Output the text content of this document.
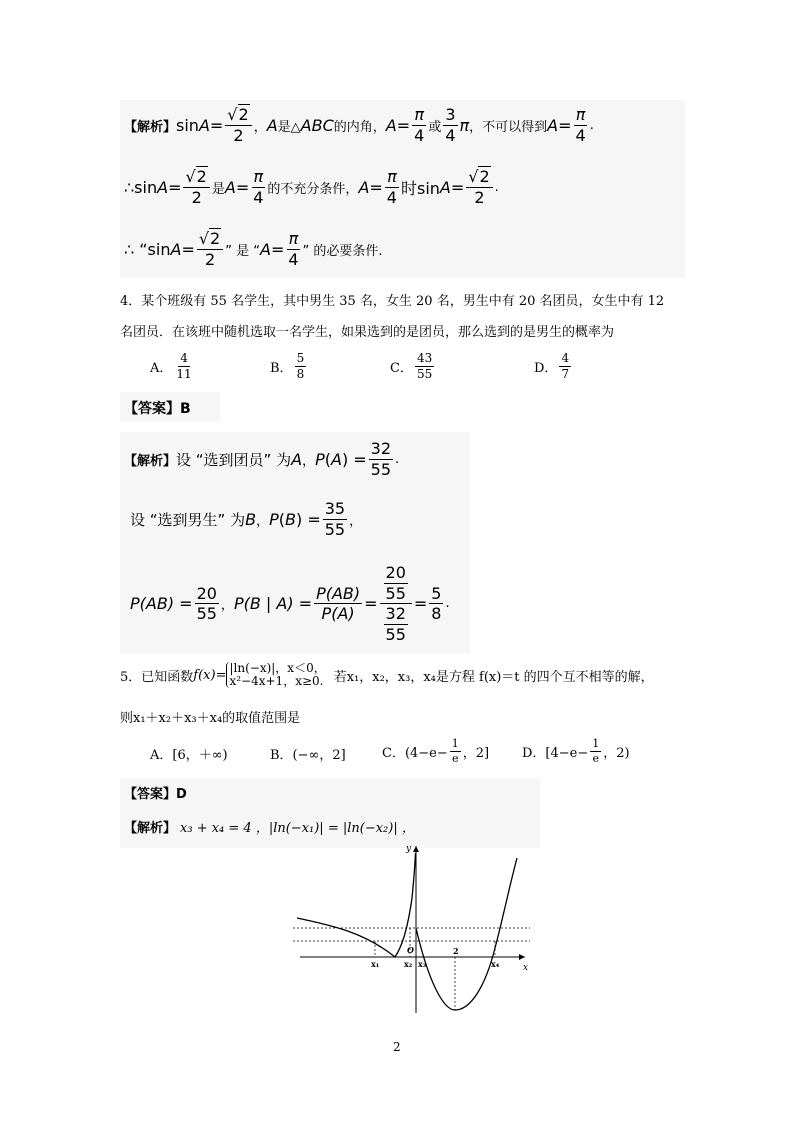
【解析】 $\sin A = \frac{√2}{2}$ ， A 是△ ABC 的内角， $A = \frac{\pi}{4}$ 或 $\frac{3}{4}$ π ，不可以得到 $A = \frac{\pi}{4}$ .
∴sin $A = \frac{√2}{2}$ 是 $A = \frac{\pi}{4}$ 的不充分条件， $A = \frac{\pi}{4}$ 时$\sin A = \frac{√2}{2}$ .
∴ “sin $A = \frac{√2}{2}$ ” 是 “ $A = \frac{\pi}{4}$ ” 的必要条件.
4．某个班级有 55 名学生，其中男生 35 名，女生 20 名，男生中有 20 名团员，女生中有 12
名团员．在该班中随机选取一名学生，如果选到的是团员，那么选到的是男生的概率为
A． $\frac{4}{11}$	B． $\frac{5}{8}$	C． $\frac{43}{55}$	D． $\frac{4}{7}$
【答案】B
【解析】 设 “选到团员” 为 A ， P ( A ) = $\frac{32}{55}$ .
设 “选到男生” 为 B ， P ( B ) = $\frac{35}{55}$ ，
P $(AB) = \frac{20}{55}$ ， P (B | $A) = \frac{P(AB)}{P(A)} = \frac{\frac{20}{55}}{\frac{32}{55}} = \frac{5}{8}$ .
5．已知函数 f(x)= |ln(−x)|，x＜0，
x²−4x+1，x≥0. 若x₁，x₂，x₃，x₄是方程 f(x)＝t 的四个互不相等的解，
则x₁＋x₂＋x₃＋x₄的取值范围是
A．[6，＋∞)	B．(−∞，2]	C．($4-e- \frac{1}{e}$ ，2]	D．[$4-e- \frac{1}{e}$ ，2)
【答案】D
【解析】 x₃ + x₄ = 4 ，|ln(−x₁)| = |ln(−x₂)| ，
y
x
O	2
x₁	x₂ x₃	x₄
2
